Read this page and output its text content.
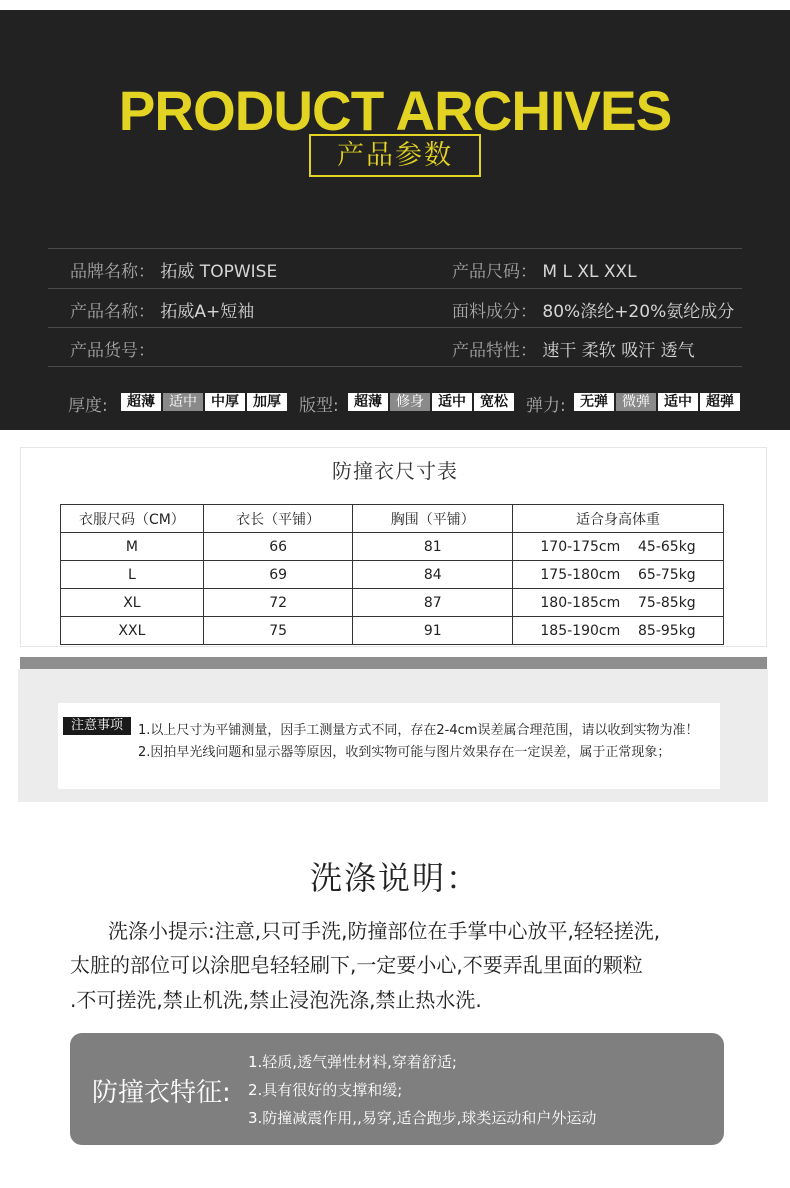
PRODUCT ARCHIVES
产品参数
品牌名称： 拓威 TOPWISE	产品尺码： M L XL XXL
产品名称： 拓威A+短袖	面料成分： 80%涤纶+20%氨纶成分
产品货号：	产品特性： 速干 柔软 吸汗 透气
厚度:	超薄	适中	中厚	加厚	版型:	超薄	修身	适中	宽松	弹力:	无弹	微弹	适中	超弹
防撞衣尺寸表
衣服尺码（CM）	衣长（平铺）	胸围（平铺）	适合身高体重
M	66	81	170-175cm    45-65kg
L	69	84	175-180cm    65-75kg
XL	72	87	180-185cm    75-85kg
XXL	75	91	185-190cm    85-95kg
注意事项	1.以上尺寸为平铺测量，因手工测量方式不同，存在2-4cm误差属合理范围，请以收到实物为准！
2.因拍早光线问题和显示器等原因，收到实物可能与图片效果存在一定误差，属于正常现象；
洗涤说明：
洗涤小提示:注意,只可手洗,防撞部位在手掌中心放平,轻轻搓洗,
太脏的部位可以涂肥皂轻轻刷下,一定要小心,不要弄乱里面的颗粒
.不可搓洗,禁止机洗,禁止浸泡洗涤,禁止热水洗.
防撞衣特征:
1.轻质,透气弹性材料,穿着舒适;
2.具有很好的支撑和缓;
3.防撞减震作用,,易穿,适合跑步,球类运动和户外运动
